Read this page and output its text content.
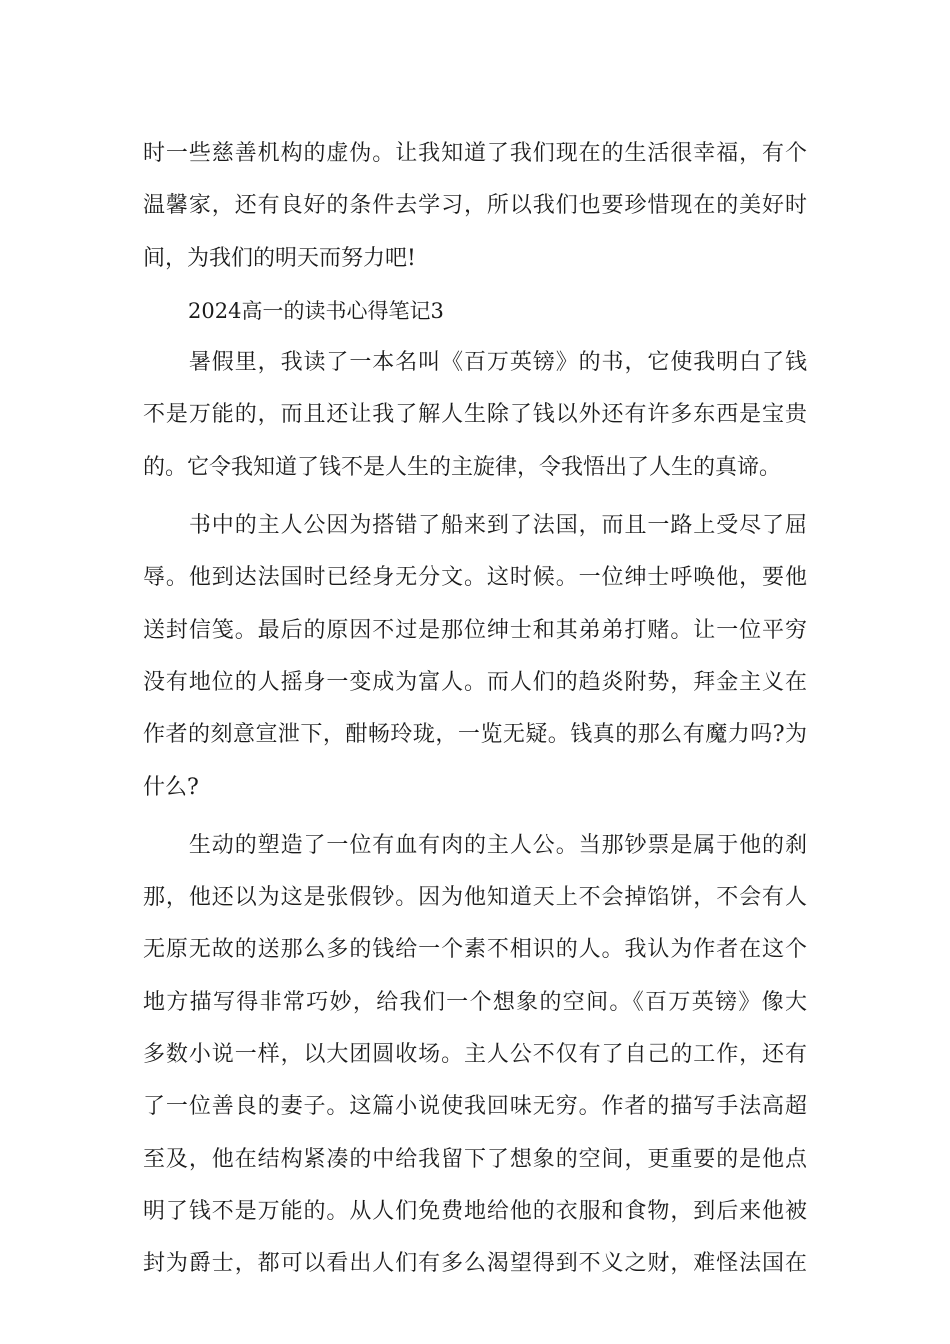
时一些慈善机构的虚伪。让我知道了我们现在的生活很幸福，有个
温馨家，还有良好的条件去学习，所以我们也要珍惜现在的美好时
间，为我们的明天而努力吧!
2024高一的读书心得笔记3
　　暑假里，我读了一本名叫《百万英镑》的书，它使我明白了钱
不是万能的，而且还让我了解人生除了钱以外还有许多东西是宝贵
的。它令我知道了钱不是人生的主旋律，令我悟出了人生的真谛。
　　书中的主人公因为搭错了船来到了法国，而且一路上受尽了屈
辱。他到达法国时已经身无分文。这时候。一位绅士呼唤他，要他
送封信笺。最后的原因不过是那位绅士和其弟弟打赌。让一位平穷
没有地位的人摇身一变成为富人。而人们的趋炎附势，拜金主义在
作者的刻意宣泄下，酣畅玲珑，一览无疑。钱真的那么有魔力吗?为
什么?
　　生动的塑造了一位有血有肉的主人公。当那钞票是属于他的刹
那，他还以为这是张假钞。因为他知道天上不会掉馅饼，不会有人
无原无故的送那么多的钱给一个素不相识的人。我认为作者在这个
地方描写得非常巧妙，给我们一个想象的空间。《百万英镑》像大
多数小说一样，以大团圆收场。主人公不仅有了自己的工作，还有
了一位善良的妻子。这篇小说使我回味无穷。作者的描写手法高超
至及，他在结构紧凑的中给我留下了想象的空间，更重要的是他点
明了钱不是万能的。从人们免费地给他的衣服和食物，到后来他被
封为爵士，都可以看出人们有多么渴望得到不义之财，难怪法国在
